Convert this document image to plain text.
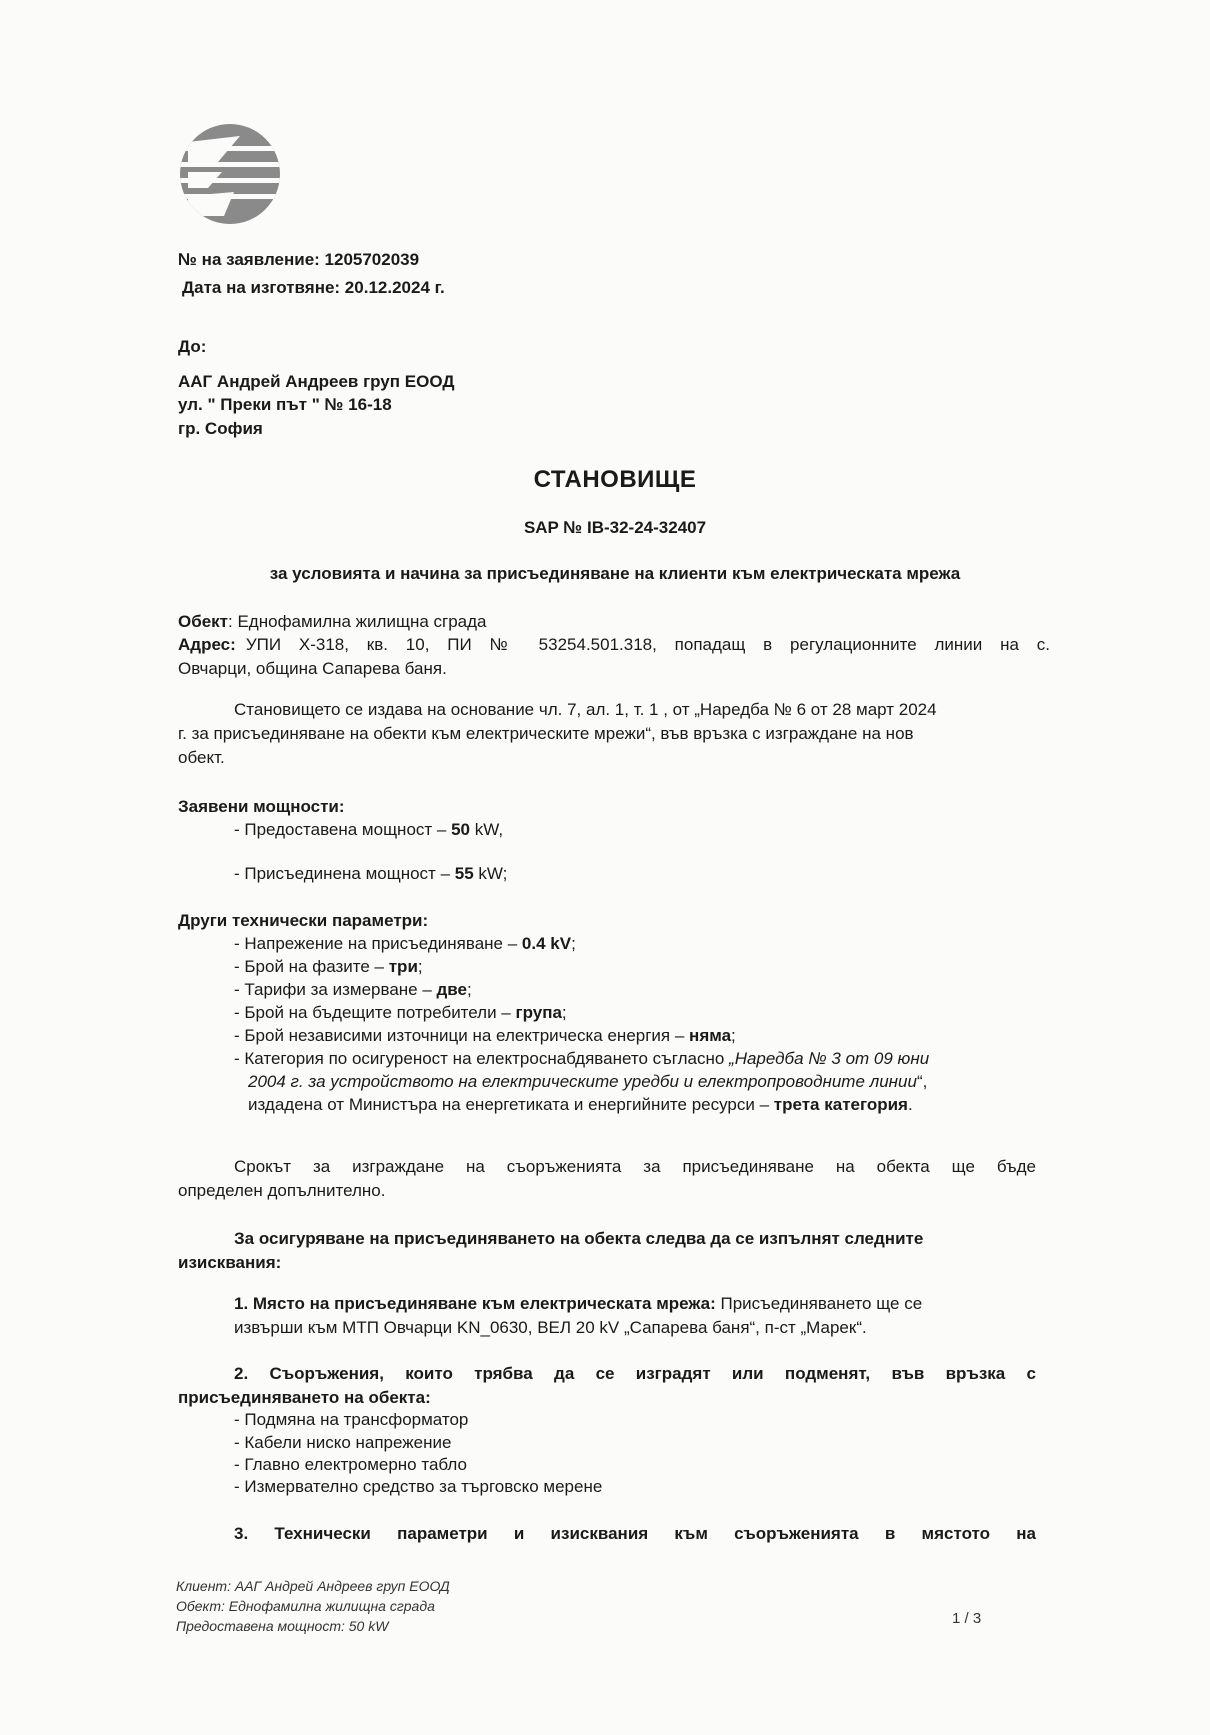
№ на заявление: 1205702039
Дата на изготвяне: 20.12.2024 г.
До:
ААГ Андрей Андреев груп ЕООД
ул. " Преки път " № 16-18
гр. София
СТАНОВИЩЕ
SAP № IB-32-24-32407
за условията и начина за присъединяване на клиенти към електрическата мрежа
Обект: Еднофамилна жилищна сграда
Адрес: УПИ Х-318, кв. 10, ПИ № 53254.501.318, попадащ в регулационните линии на с.
Овчарци, община Сапарева баня.
Становището се издава на основание чл. 7, ал. 1, т. 1 , от „Наредба № 6 от 28 март 2024
г. за присъединяване на обекти към електрическите мрежи“, във връзка с изграждане на нов
обект.
Заявени мощности:
- Предоставена мощност – 50 kW,
- Присъединена мощност – 55 kW;
Други технически параметри:
- Напрежение на присъединяване – 0.4 kV;
- Брой на фазите – три;
- Тарифи за измерване – две;
- Брой на бъдещите потребители – група;
- Брой независими източници на електрическа енергия – няма;
- Категория по осигуреност на електроснабдяването съгласно „Наредба № 3 от 09 юни
2004 г. за устройството на електрическите уредби и електропроводните линии“,
издадена от Министъра на енергетиката и енергийните ресурси – трета категория.
Срокът за изграждане на съоръженията за присъединяване на обекта ще бъде
определен допълнително.
За осигуряване на присъединяването на обекта следва да се изпълнят следните
изисквания:
1. Място на присъединяване към електрическата мрежа: Присъединяването ще се
извърши към МТП Овчарци KN_0630, ВЕЛ 20 kV „Сапарева баня“, п-ст „Марек“.
2. Съоръжения, които трябва да се изградят или подменят, във връзка с
присъединяването на обекта:
- Подмяна на трансформатор
- Кабели ниско напрежение
- Главно електромерно табло
- Измервателно средство за търговско мерене
3. Технически параметри и изисквания към съоръженията в мястото на
Клиент: ААГ Андрей Андреев груп ЕООД
Обект: Еднофамилна жилищна сграда
Предоставена мощност: 50 kW	1 / 3
